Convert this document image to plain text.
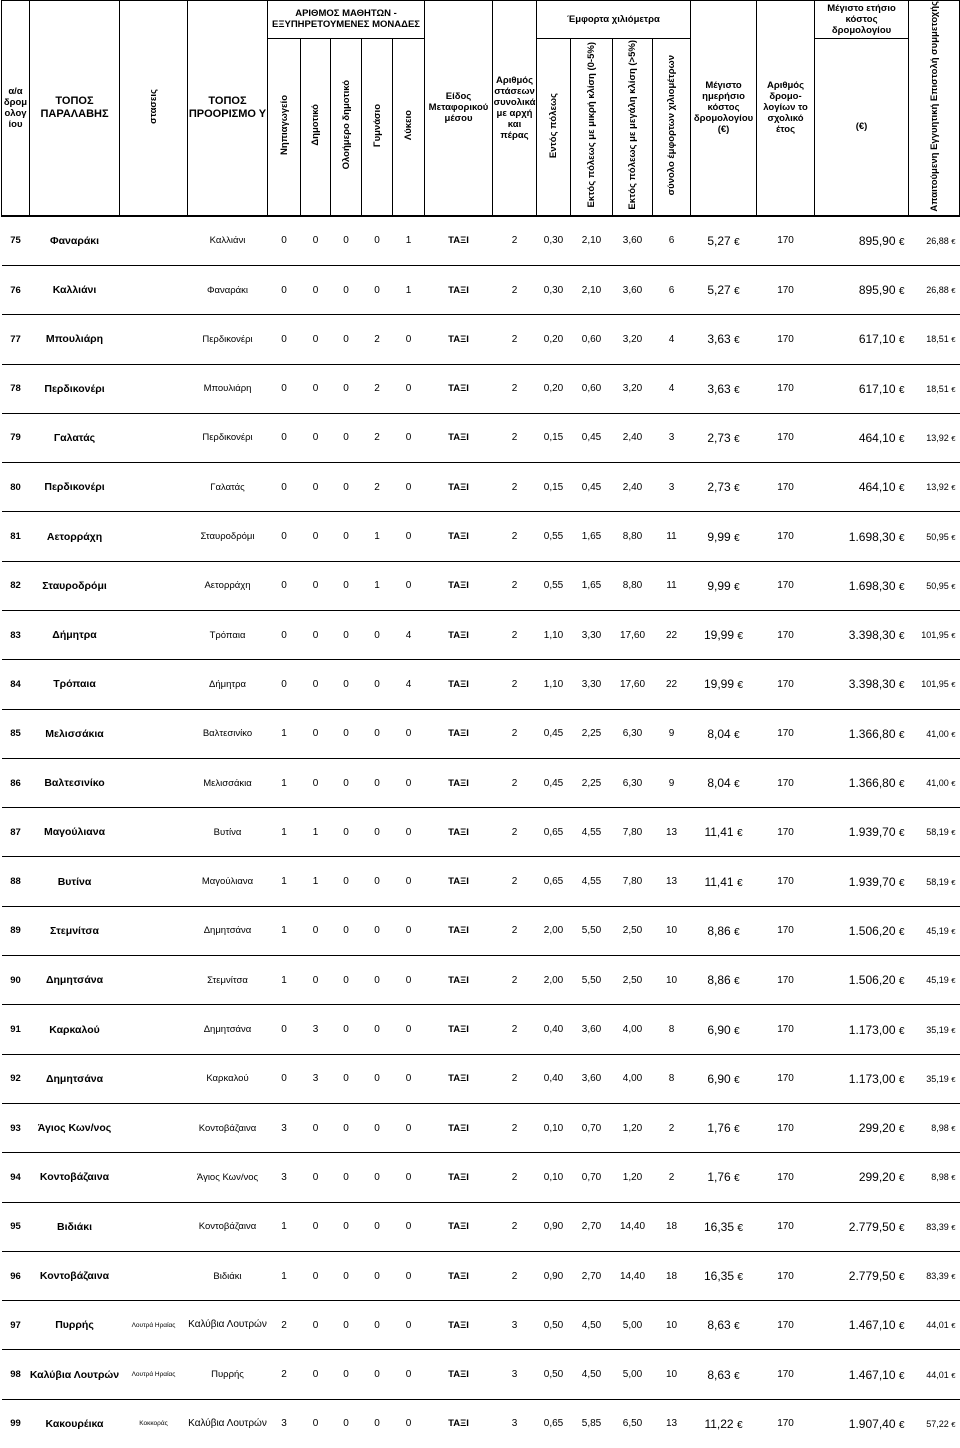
α/α δρομ ολογ ίου	ΤΟΠΟΣ ΠΑΡΑΛΑΒΗΣ	στασεις	ΤΟΠΟΣ ΠΡΟΟΡΙΣΜΟ Υ	ΑΡΙΘΜΟΣ ΜΑΘΗΤΩΝ - ΕΞΥΠΗΡΕΤΟΥΜΕΝΕΣ ΜΟΝΑΔΕΣ					Είδος Μεταφορικού μέσου	Αριθμός στάσεων συνολικά με αρχή και πέρας	Έμφορτα χιλιόμετρα				Μέγιστο ημερήσιο κόστος δρομολογίου (€)	Αριθμός δρομο-λογίων το σχολικό έτος	Μέγιστο ετήσιο κόστος δρομολογίου	Απαιτούμενη Εγγυητική Επιστολή συμμετοχής
				Νηπιαγωγείο	Δημοτικό	Ολοήμερο δημοτικό	Γυμνάσιο	Λύκειο			Εντός πόλεως	Εκτός πόλεως με μικρή κλίση (0-5%)	Εκτός πόλεως με μεγάλη κλίση (>5%)	σύνολο έμφορτων χιλιομέτρων			(€)	
75	Φαναράκι		Καλλιάνι	0	0	0	0	1	ΤΑΞΙ	2	0,30	2,10	3,60	6	5,27 €	170	895,90 €	26,88 €
76	Καλλιάνι		Φαναράκι	0	0	0	0	1	ΤΑΞΙ	2	0,30	2,10	3,60	6	5,27 €	170	895,90 €	26,88 €
77	Μπουλιάρη		Περδικονέρι	0	0	0	2	0	ΤΑΞΙ	2	0,20	0,60	3,20	4	3,63 €	170	617,10 €	18,51 €
78	Περδικονέρι		Μπουλιάρη	0	0	0	2	0	ΤΑΞΙ	2	0,20	0,60	3,20	4	3,63 €	170	617,10 €	18,51 €
79	Γαλατάς		Περδικονέρι	0	0	0	2	0	ΤΑΞΙ	2	0,15	0,45	2,40	3	2,73 €	170	464,10 €	13,92 €
80	Περδικονέρι		Γαλατάς	0	0	0	2	0	ΤΑΞΙ	2	0,15	0,45	2,40	3	2,73 €	170	464,10 €	13,92 €
81	Αετορράχη		Σταυροδρόμι	0	0	0	1	0	ΤΑΞΙ	2	0,55	1,65	8,80	11	9,99 €	170	1.698,30 €	50,95 €
82	Σταυροδρόμι		Αετορράχη	0	0	0	1	0	ΤΑΞΙ	2	0,55	1,65	8,80	11	9,99 €	170	1.698,30 €	50,95 €
83	Δήμητρα		Τρόπαια	0	0	0	0	4	ΤΑΞΙ	2	1,10	3,30	17,60	22	19,99 €	170	3.398,30 €	101,95 €
84	Τρόπαια		Δήμητρα	0	0	0	0	4	ΤΑΞΙ	2	1,10	3,30	17,60	22	19,99 €	170	3.398,30 €	101,95 €
85	Μελισσάκια		Βαλτεσινίκο	1	0	0	0	0	ΤΑΞΙ	2	0,45	2,25	6,30	9	8,04 €	170	1.366,80 €	41,00 €
86	Βαλτεσινίκο		Μελισσάκια	1	0	0	0	0	ΤΑΞΙ	2	0,45	2,25	6,30	9	8,04 €	170	1.366,80 €	41,00 €
87	Μαγούλιανα		Βυτίνα	1	1	0	0	0	ΤΑΞΙ	2	0,65	4,55	7,80	13	11,41 €	170	1.939,70 €	58,19 €
88	Βυτίνα		Μαγούλιανα	1	1	0	0	0	ΤΑΞΙ	2	0,65	4,55	7,80	13	11,41 €	170	1.939,70 €	58,19 €
89	Στεμνίτσα		Δημητσάνα	1	0	0	0	0	ΤΑΞΙ	2	2,00	5,50	2,50	10	8,86 €	170	1.506,20 €	45,19 €
90	Δημητσάνα		Στεμνίτσα	1	0	0	0	0	ΤΑΞΙ	2	2,00	5,50	2,50	10	8,86 €	170	1.506,20 €	45,19 €
91	Καρκαλού		Δημητσάνα	0	3	0	0	0	ΤΑΞΙ	2	0,40	3,60	4,00	8	6,90 €	170	1.173,00 €	35,19 €
92	Δημητσάνα		Καρκαλού	0	3	0	0	0	ΤΑΞΙ	2	0,40	3,60	4,00	8	6,90 €	170	1.173,00 €	35,19 €
93	Άγιος Κων/νος		Κοντοβάζαινα	3	0	0	0	0	ΤΑΞΙ	2	0,10	0,70	1,20	2	1,76 €	170	299,20 €	8,98 €
94	Κοντοβάζαινα		Άγιος Κων/νος	3	0	0	0	0	ΤΑΞΙ	2	0,10	0,70	1,20	2	1,76 €	170	299,20 €	8,98 €
95	Βιδιάκι		Κοντοβάζαινα	1	0	0	0	0	ΤΑΞΙ	2	0,90	2,70	14,40	18	16,35 €	170	2.779,50 €	83,39 €
96	Κοντοβάζαινα		Βιδιάκι	1	0	0	0	0	ΤΑΞΙ	2	0,90	2,70	14,40	18	16,35 €	170	2.779,50 €	83,39 €
97	Πυρρής	Λουτρά Ηραίας	Καλύβια Λουτρών	2	0	0	0	0	ΤΑΞΙ	3	0,50	4,50	5,00	10	8,63 €	170	1.467,10 €	44,01 €
98	Καλύβια Λουτρών	Λουτρά Ηραίας	Πυρρής	2	0	0	0	0	ΤΑΞΙ	3	0,50	4,50	5,00	10	8,63 €	170	1.467,10 €	44,01 €
99	Κακουρέικα	Κοκκοράς	Καλύβια Λουτρών	3	0	0	0	0	ΤΑΞΙ	3	0,65	5,85	6,50	13	11,22 €	170	1.907,40 €	57,22 €
